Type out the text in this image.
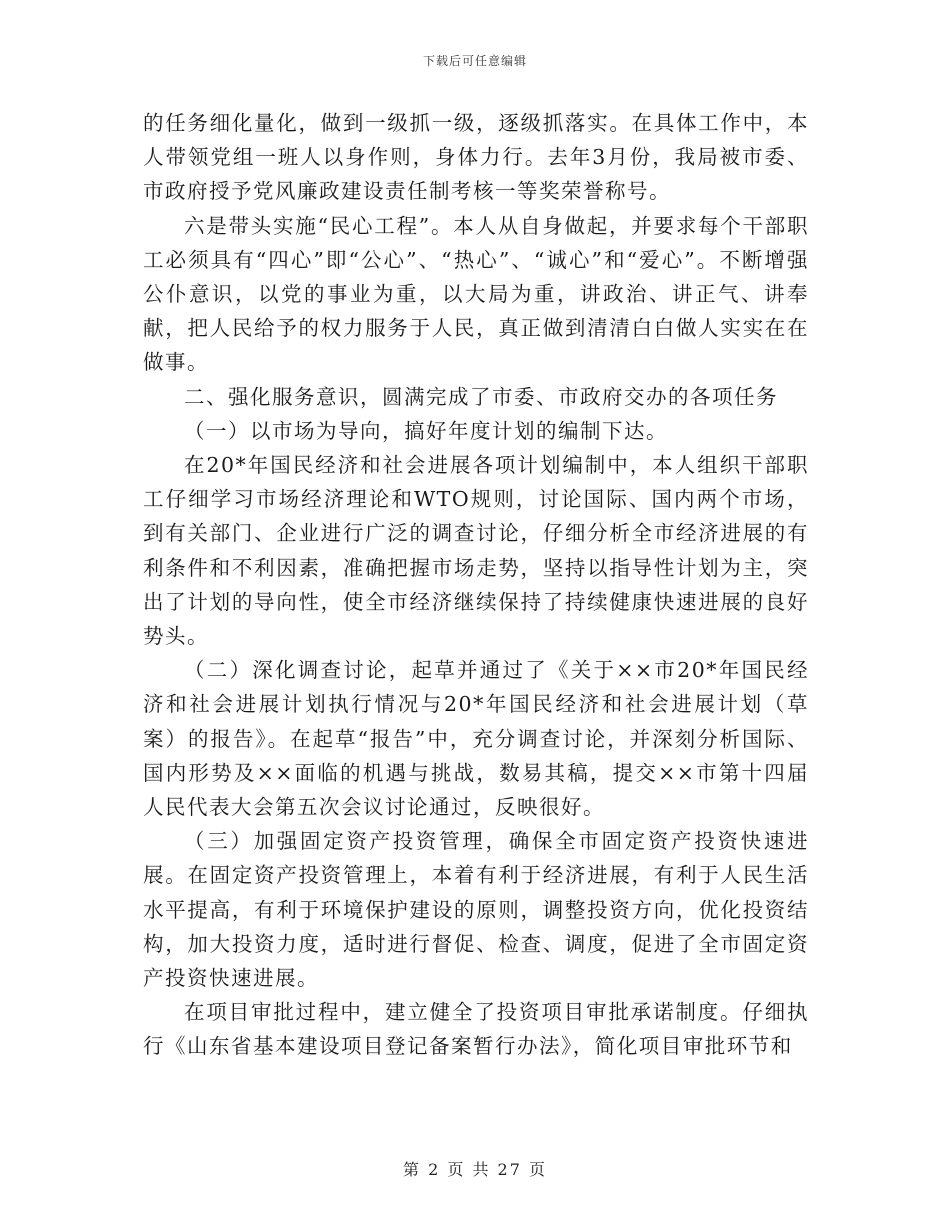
下载后可任意编辑

的任务细化量化，做到一级抓一级，逐级抓落实。在具体工作中，本人带领党组一班人以身作则，身体力行。去年3月份，我局被市委、市政府授予党风廉政建设责任制考核一等奖荣誉称号。

六是带头实施“民心工程”。本人从自身做起，并要求每个干部职工必须具有“四心”即“公心”、“热心”、“诚心”和“爱心”。不断增强公仆意识，以党的事业为重，以大局为重，讲政治、讲正气、讲奉献，把人民给予的权力服务于人民，真正做到清清白白做人实实在在做事。

二、强化服务意识，圆满完成了市委、市政府交办的各项任务

（一）以市场为导向，搞好年度计划的编制下达。

在20*年国民经济和社会进展各项计划编制中，本人组织干部职工仔细学习市场经济理论和WTO规则，讨论国际、国内两个市场，到有关部门、企业进行广泛的调查讨论，仔细分析全市经济进展的有利条件和不利因素，准确把握市场走势，坚持以指导性计划为主，突出了计划的导向性，使全市经济继续保持了持续健康快速进展的良好势头。

（二）深化调查讨论，起草并通过了《关于××市20*年国民经济和社会进展计划执行情况与20*年国民经济和社会进展计划（草案）的报告》。在起草“报告”中，充分调查讨论，并深刻分析国际、国内形势及××面临的机遇与挑战，数易其稿，提交××市第十四届人民代表大会第五次会议讨论通过，反映很好。

（三）加强固定资产投资管理，确保全市固定资产投资快速进展。在固定资产投资管理上，本着有利于经济进展，有利于人民生活水平提高，有利于环境保护建设的原则，调整投资方向，优化投资结构，加大投资力度，适时进行督促、检查、调度，促进了全市固定资产投资快速进展。

在项目审批过程中，建立健全了投资项目审批承诺制度。仔细执行《山东省基本建设项目登记备案暂行办法》，简化项目审批环节和

第 2 页 共 27 页
